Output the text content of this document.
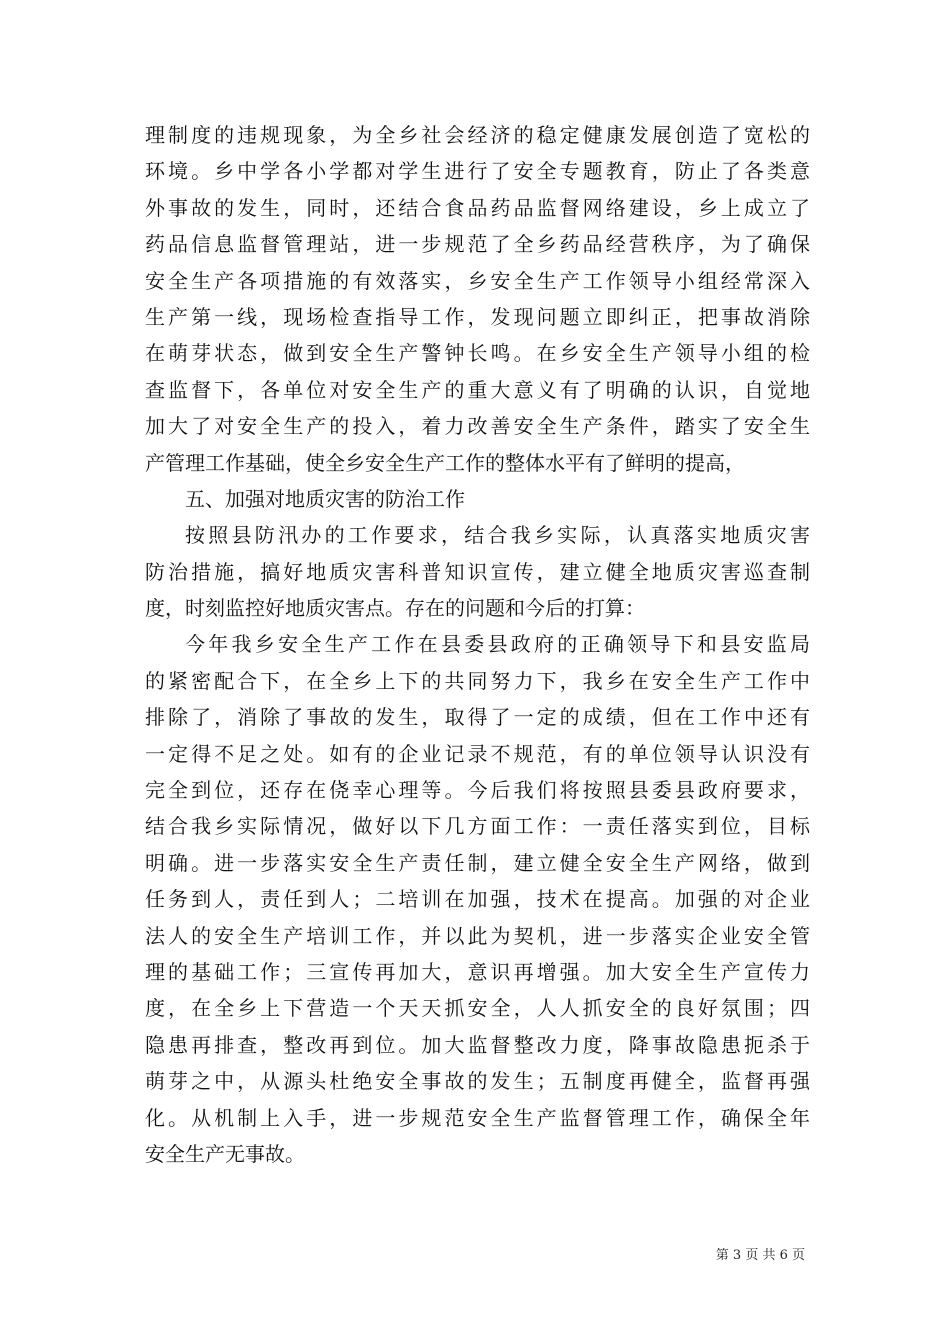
理制度的违规现象，为全乡社会经济的稳定健康发展创造了宽松的
环境。乡中学各小学都对学生进行了安全专题教育，防止了各类意
外事故的发生，同时，还结合食品药品监督网络建设，乡上成立了
药品信息监督管理站，进一步规范了全乡药品经营秩序，为了确保
安全生产各项措施的有效落实，乡安全生产工作领导小组经常深入
生产第一线，现场检查指导工作，发现问题立即纠正，把事故消除
在萌芽状态，做到安全生产警钟长鸣。在乡安全生产领导小组的检
查监督下，各单位对安全生产的重大意义有了明确的认识，自觉地
加大了对安全生产的投入，着力改善安全生产条件，踏实了安全生
产管理工作基础，使全乡安全生产工作的整体水平有了鲜明的提高，
五、加强对地质灾害的防治工作
按照县防汛办的工作要求，结合我乡实际，认真落实地质灾害
防治措施，搞好地质灾害科普知识宣传，建立健全地质灾害巡查制
度，时刻监控好地质灾害点。存在的问题和今后的打算：
今年我乡安全生产工作在县委县政府的正确领导下和县安监局
的紧密配合下，在全乡上下的共同努力下，我乡在安全生产工作中
排除了，消除了事故的发生，取得了一定的成绩，但在工作中还有
一定得不足之处。如有的企业记录不规范，有的单位领导认识没有
完全到位，还存在侥幸心理等。今后我们将按照县委县政府要求，
结合我乡实际情况，做好以下几方面工作：一责任落实到位，目标
明确。进一步落实安全生产责任制，建立健全安全生产网络，做到
任务到人，责任到人；二培训在加强，技术在提高。加强的对企业
法人的安全生产培训工作，并以此为契机，进一步落实企业安全管
理的基础工作；三宣传再加大，意识再增强。加大安全生产宣传力
度，在全乡上下营造一个天天抓安全，人人抓安全的良好氛围；四
隐患再排查，整改再到位。加大监督整改力度，降事故隐患扼杀于
萌芽之中，从源头杜绝安全事故的发生；五制度再健全，监督再强
化。从机制上入手，进一步规范安全生产监督管理工作，确保全年
安全生产无事故。
第 3 页 共 6 页
